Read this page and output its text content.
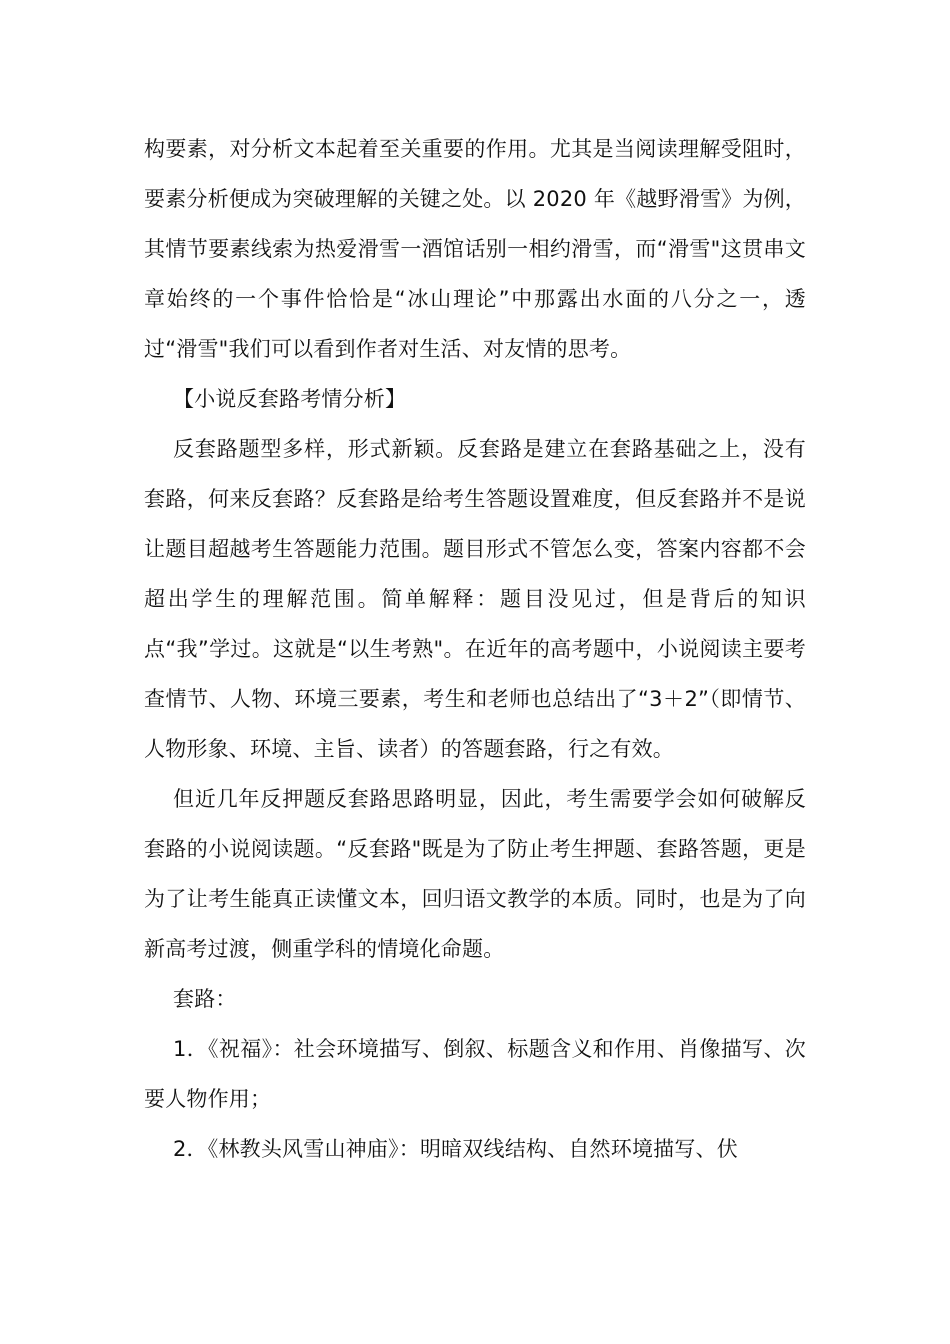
构要素，对分析文本起着至关重要的作用。尤其是当阅读理解受阻时，要素分析便成为突破理解的关键之处。以 2020 年《越野滑雪》为例，其情节要素线索为热爱滑雪一酒馆话别一相约滑雪，而“滑雪"这贯串文章始终的一个事件恰恰是“冰山理论”中那露出水面的八分之一，透过“滑雪"我们可以看到作者对生活、对友情的思考。

【小说反套路考情分析】

反套路题型多样，形式新颖。反套路是建立在套路基础之上，没有套路，何来反套路？反套路是给考生答题设置难度，但反套路并不是说让题目超越考生答题能力范围。题目形式不管怎么变，答案内容都不会超出学生的理解范围。简单解释：题目没见过，但是背后的知识点“我”学过。这就是“以生考熟"。在近年的高考题中，小说阅读主要考查情节、人物、环境三要素，考生和老师也总结出了“3＋2”（即情节、人物形象、环境、主旨、读者）的答题套路，行之有效。

但近几年反押题反套路思路明显，因此，考生需要学会如何破解反套路的小说阅读题。“反套路"既是为了防止考生押题、套路答题，更是为了让考生能真正读懂文本，回归语文教学的本质。同时，也是为了向新高考过渡，侧重学科的情境化命题。

套路：

1．《祝福》：社会环境描写、倒叙、标题含义和作用、肖像描写、次要人物作用；

2．《林教头风雪山神庙》：明暗双线结构、自然环境描写、伏
